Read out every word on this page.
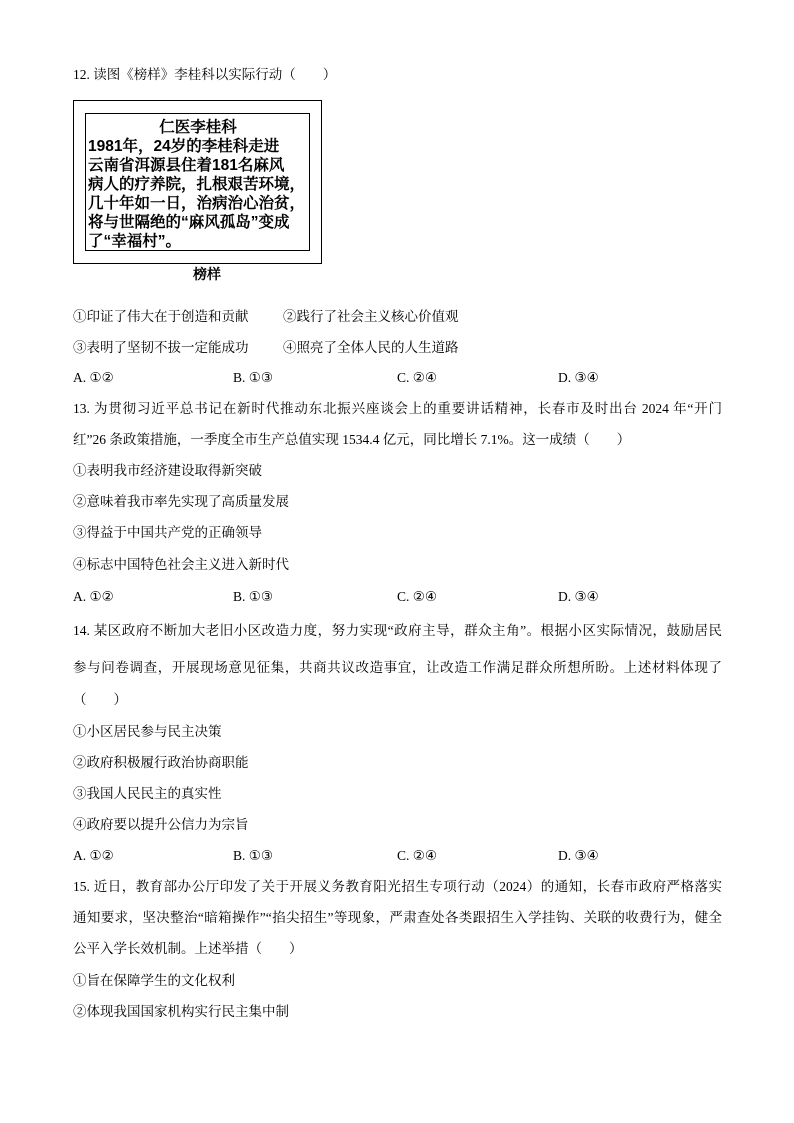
12. 读图《榜样》李桂科以实际行动（　　）
仁医李桂科
1981年，24岁的李桂科走进
云南省洱源县住着181名麻风
病人的疗养院，扎根艰苦环境，
几十年如一日，治病治心治贫，
将与世隔绝的“麻风孤岛”变成
了“幸福村”。
榜样
①印证了伟大在于创造和贡献	②践行了社会主义核心价值观
③表明了坚韧不拔一定能成功	④照亮了全体人民的人生道路
A. ①②	B. ①③	C. ②④	D. ③④
13. 为贯彻习近平总书记在新时代推动东北振兴座谈会上的重要讲话精神，长春市及时出台 2024 年“开门
红”26 条政策措施，一季度全市生产总值实现 1534.4 亿元，同比增长 7.1%。这一成绩（　　）
①表明我市经济建设取得新突破
②意味着我市率先实现了高质量发展
③得益于中国共产党的正确领导
④标志中国特色社会主义进入新时代
A. ①②	B. ①③	C. ②④	D. ③④
14. 某区政府不断加大老旧小区改造力度，努力实现“政府主导，群众主角”。根据小区实际情况，鼓励居民
参与问卷调查，开展现场意见征集，共商共议改造事宜，让改造工作满足群众所想所盼。上述材料体现了
（　　）
①小区居民参与民主决策
②政府积极履行政治协商职能
③我国人民民主的真实性
④政府要以提升公信力为宗旨
A. ①②	B. ①③	C. ②④	D. ③④
15. 近日，教育部办公厅印发了关于开展义务教育阳光招生专项行动（2024）的通知，长春市政府严格落实
通知要求，坚决整治“暗箱操作”“掐尖招生”等现象，严肃查处各类跟招生入学挂钩、关联的收费行为，健全
公平入学长效机制。上述举措（　　）
①旨在保障学生的文化权利
②体现我国国家机构实行民主集中制
